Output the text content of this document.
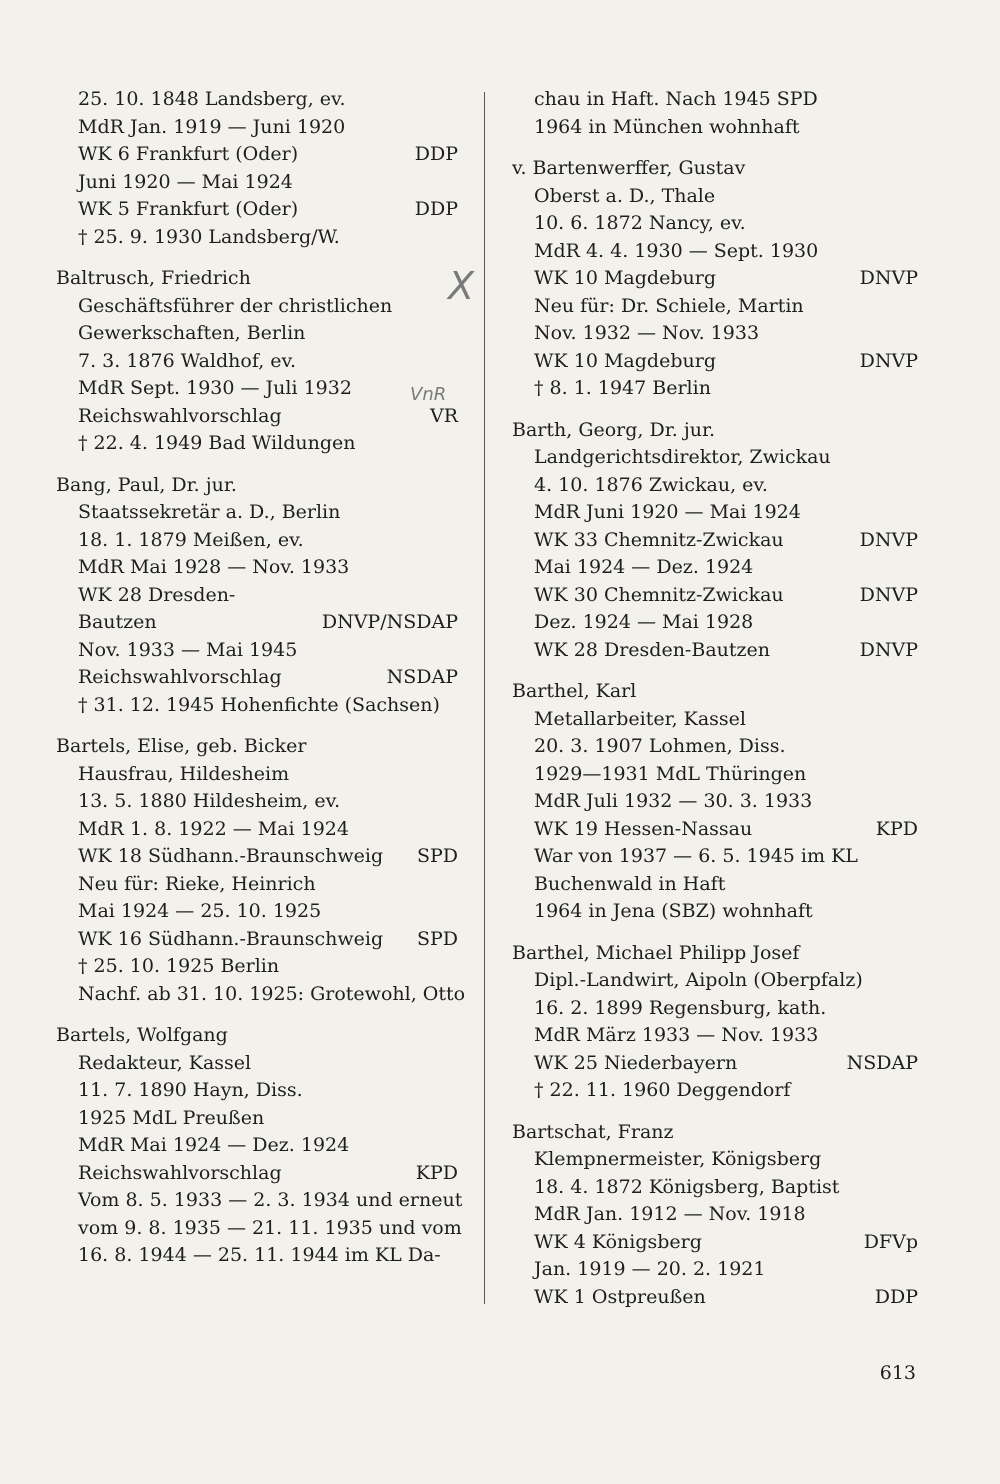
25. 10. 1848 Landsberg, ev.
MdR Jan. 1919 — Juni 1920
WK 6 Frankfurt (Oder)	DDP
Juni 1920 — Mai 1924
WK 5 Frankfurt (Oder)	DDP
† 25. 9. 1930 Landsberg/W.
Baltrusch, Friedrich
Geschäftsführer der christlichen
Gewerkschaften, Berlin
7. 3. 1876 Waldhof, ev.
MdR Sept. 1930 — Juli 1932
Reichswahlvorschlag	VR
† 22. 4. 1949 Bad Wildungen
Bang, Paul, Dr. jur.
Staatssekretär a. D., Berlin
18. 1. 1879 Meißen, ev.
MdR Mai 1928 — Nov. 1933
WK 28 Dresden-
Bautzen	DNVP/NSDAP
Nov. 1933 — Mai 1945
Reichswahlvorschlag	NSDAP
† 31. 12. 1945 Hohenfichte (Sachsen)
Bartels, Elise, geb. Bicker
Hausfrau, Hildesheim
13. 5. 1880 Hildesheim, ev.
MdR 1. 8. 1922 — Mai 1924
WK 18 Südhann.-Braunschweig SPD
Neu für: Rieke, Heinrich
Mai 1924 — 25. 10. 1925
WK 16 Südhann.-Braunschweig SPD
† 25. 10. 1925 Berlin
Nachf. ab 31. 10. 1925: Grotewohl, Otto
Bartels, Wolfgang
Redakteur, Kassel
11. 7. 1890 Hayn, Diss.
1925 MdL Preußen
MdR Mai 1924 — Dez. 1924
Reichswahlvorschlag	KPD
Vom 8. 5. 1933 — 2. 3. 1934 und erneut
vom 9. 8. 1935 — 21. 11. 1935 und vom
16. 8. 1944 — 25. 11. 1944 im KL Da-
chau in Haft. Nach 1945 SPD
1964 in München wohnhaft
v. Bartenwerffer, Gustav
Oberst a. D., Thale
10. 6. 1872 Nancy, ev.
MdR 4. 4. 1930 — Sept. 1930
WK 10 Magdeburg	DNVP
Neu für: Dr. Schiele, Martin
Nov. 1932 — Nov. 1933
WK 10 Magdeburg	DNVP
† 8. 1. 1947 Berlin
Barth, Georg, Dr. jur.
Landgerichtsdirektor, Zwickau
4. 10. 1876 Zwickau, ev.
MdR Juni 1920 — Mai 1924
WK 33 Chemnitz-Zwickau	DNVP
Mai 1924 — Dez. 1924
WK 30 Chemnitz-Zwickau	DNVP
Dez. 1924 — Mai 1928
WK 28 Dresden-Bautzen	DNVP
Barthel, Karl
Metallarbeiter, Kassel
20. 3. 1907 Lohmen, Diss.
1929—1931 MdL Thüringen
MdR Juli 1932 — 30. 3. 1933
WK 19 Hessen-Nassau	KPD
War von 1937 — 6. 5. 1945 im KL
Buchenwald in Haft
1964 in Jena (SBZ) wohnhaft
Barthel, Michael Philipp Josef
Dipl.-Landwirt, Aipoln (Oberpfalz)
16. 2. 1899 Regensburg, kath.
MdR März 1933 — Nov. 1933
WK 25 Niederbayern	NSDAP
† 22. 11. 1960 Deggendorf
Bartschat, Franz
Klempnermeister, Königsberg
18. 4. 1872 Königsberg, Baptist
MdR Jan. 1912 — Nov. 1918
WK 4 Königsberg	DFVp
Jan. 1919 — 20. 2. 1921
WK 1 Ostpreußen	DDP
X
VnR
613
